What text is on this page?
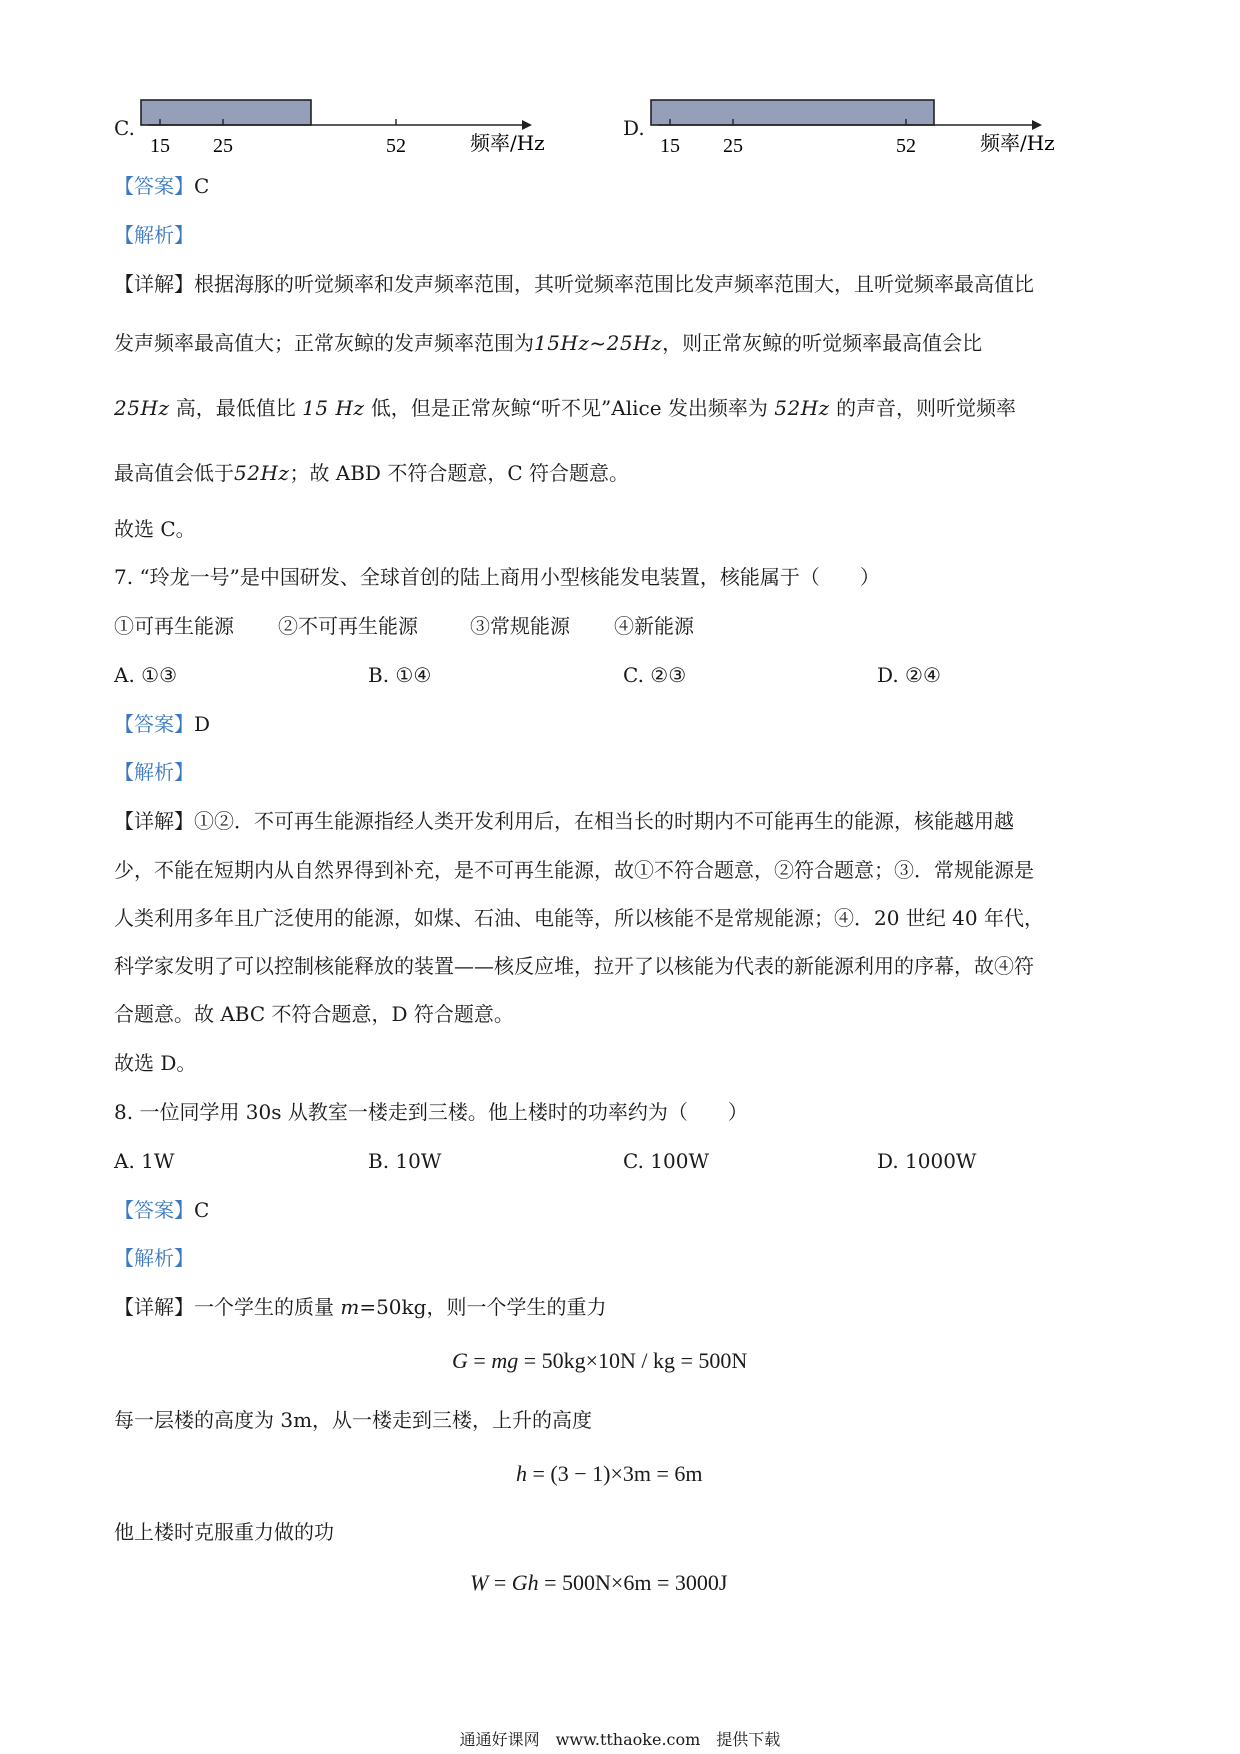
C.
15 25	52	频率/Hz
D.
15 25	52	频率/Hz
【答案】C
【解析】
【详解】根据海豚的听觉频率和发声频率范围，其听觉频率范围比发声频率范围大，且听觉频率最高值比
发声频率最高值大；正常灰鲸的发声频率范围为15Hz~25Hz，则正常灰鲸的听觉频率最高值会比
25Hz 高，最低值比 15 Hz 低，但是正常灰鲸“听不见”Alice 发出频率为 52Hz 的声音，则听觉频率
最高值会低于52Hz；故 ABD 不符合题意，C 符合题意。
故选 C。
7. “玲龙一号”是中国研发、全球首创的陆上商用小型核能发电装置，核能属于（　　）
①可再生能源 ②不可再生能源	③常规能源 ④新能源
A. ①③	B. ①④	C. ②③	D. ②④
【答案】D
【解析】
【详解】①②．不可再生能源指经人类开发利用后，在相当长的时期内不可能再生的能源，核能越用越
少，不能在短期内从自然界得到补充，是不可再生能源，故①不符合题意，②符合题意；③．常规能源是
人类利用多年且广泛使用的能源，如煤、石油、电能等，所以核能不是常规能源；④．20 世纪 40 年代，
科学家发明了可以控制核能释放的装置——核反应堆，拉开了以核能为代表的新能源利用的序幕，故④符
合题意。故 ABC 不符合题意，D 符合题意。
故选 D。
8. 一位同学用 30s 从教室一楼走到三楼。他上楼时的功率约为（　　）
A. 1W	B. 10W	C. 100W	D. 1000W
【答案】C
【解析】
【详解】一个学生的质量 m=50kg，则一个学生的重力
G = mg = 50kg×10N / kg = 500N
每一层楼的高度为 3m，从一楼走到三楼，上升的高度
h = (3 − 1)×3m = 6m
他上楼时克服重力做的功
W = Gh = 500N×6m = 3000J
通通好课网　www.tthaoke.com　提供下载
